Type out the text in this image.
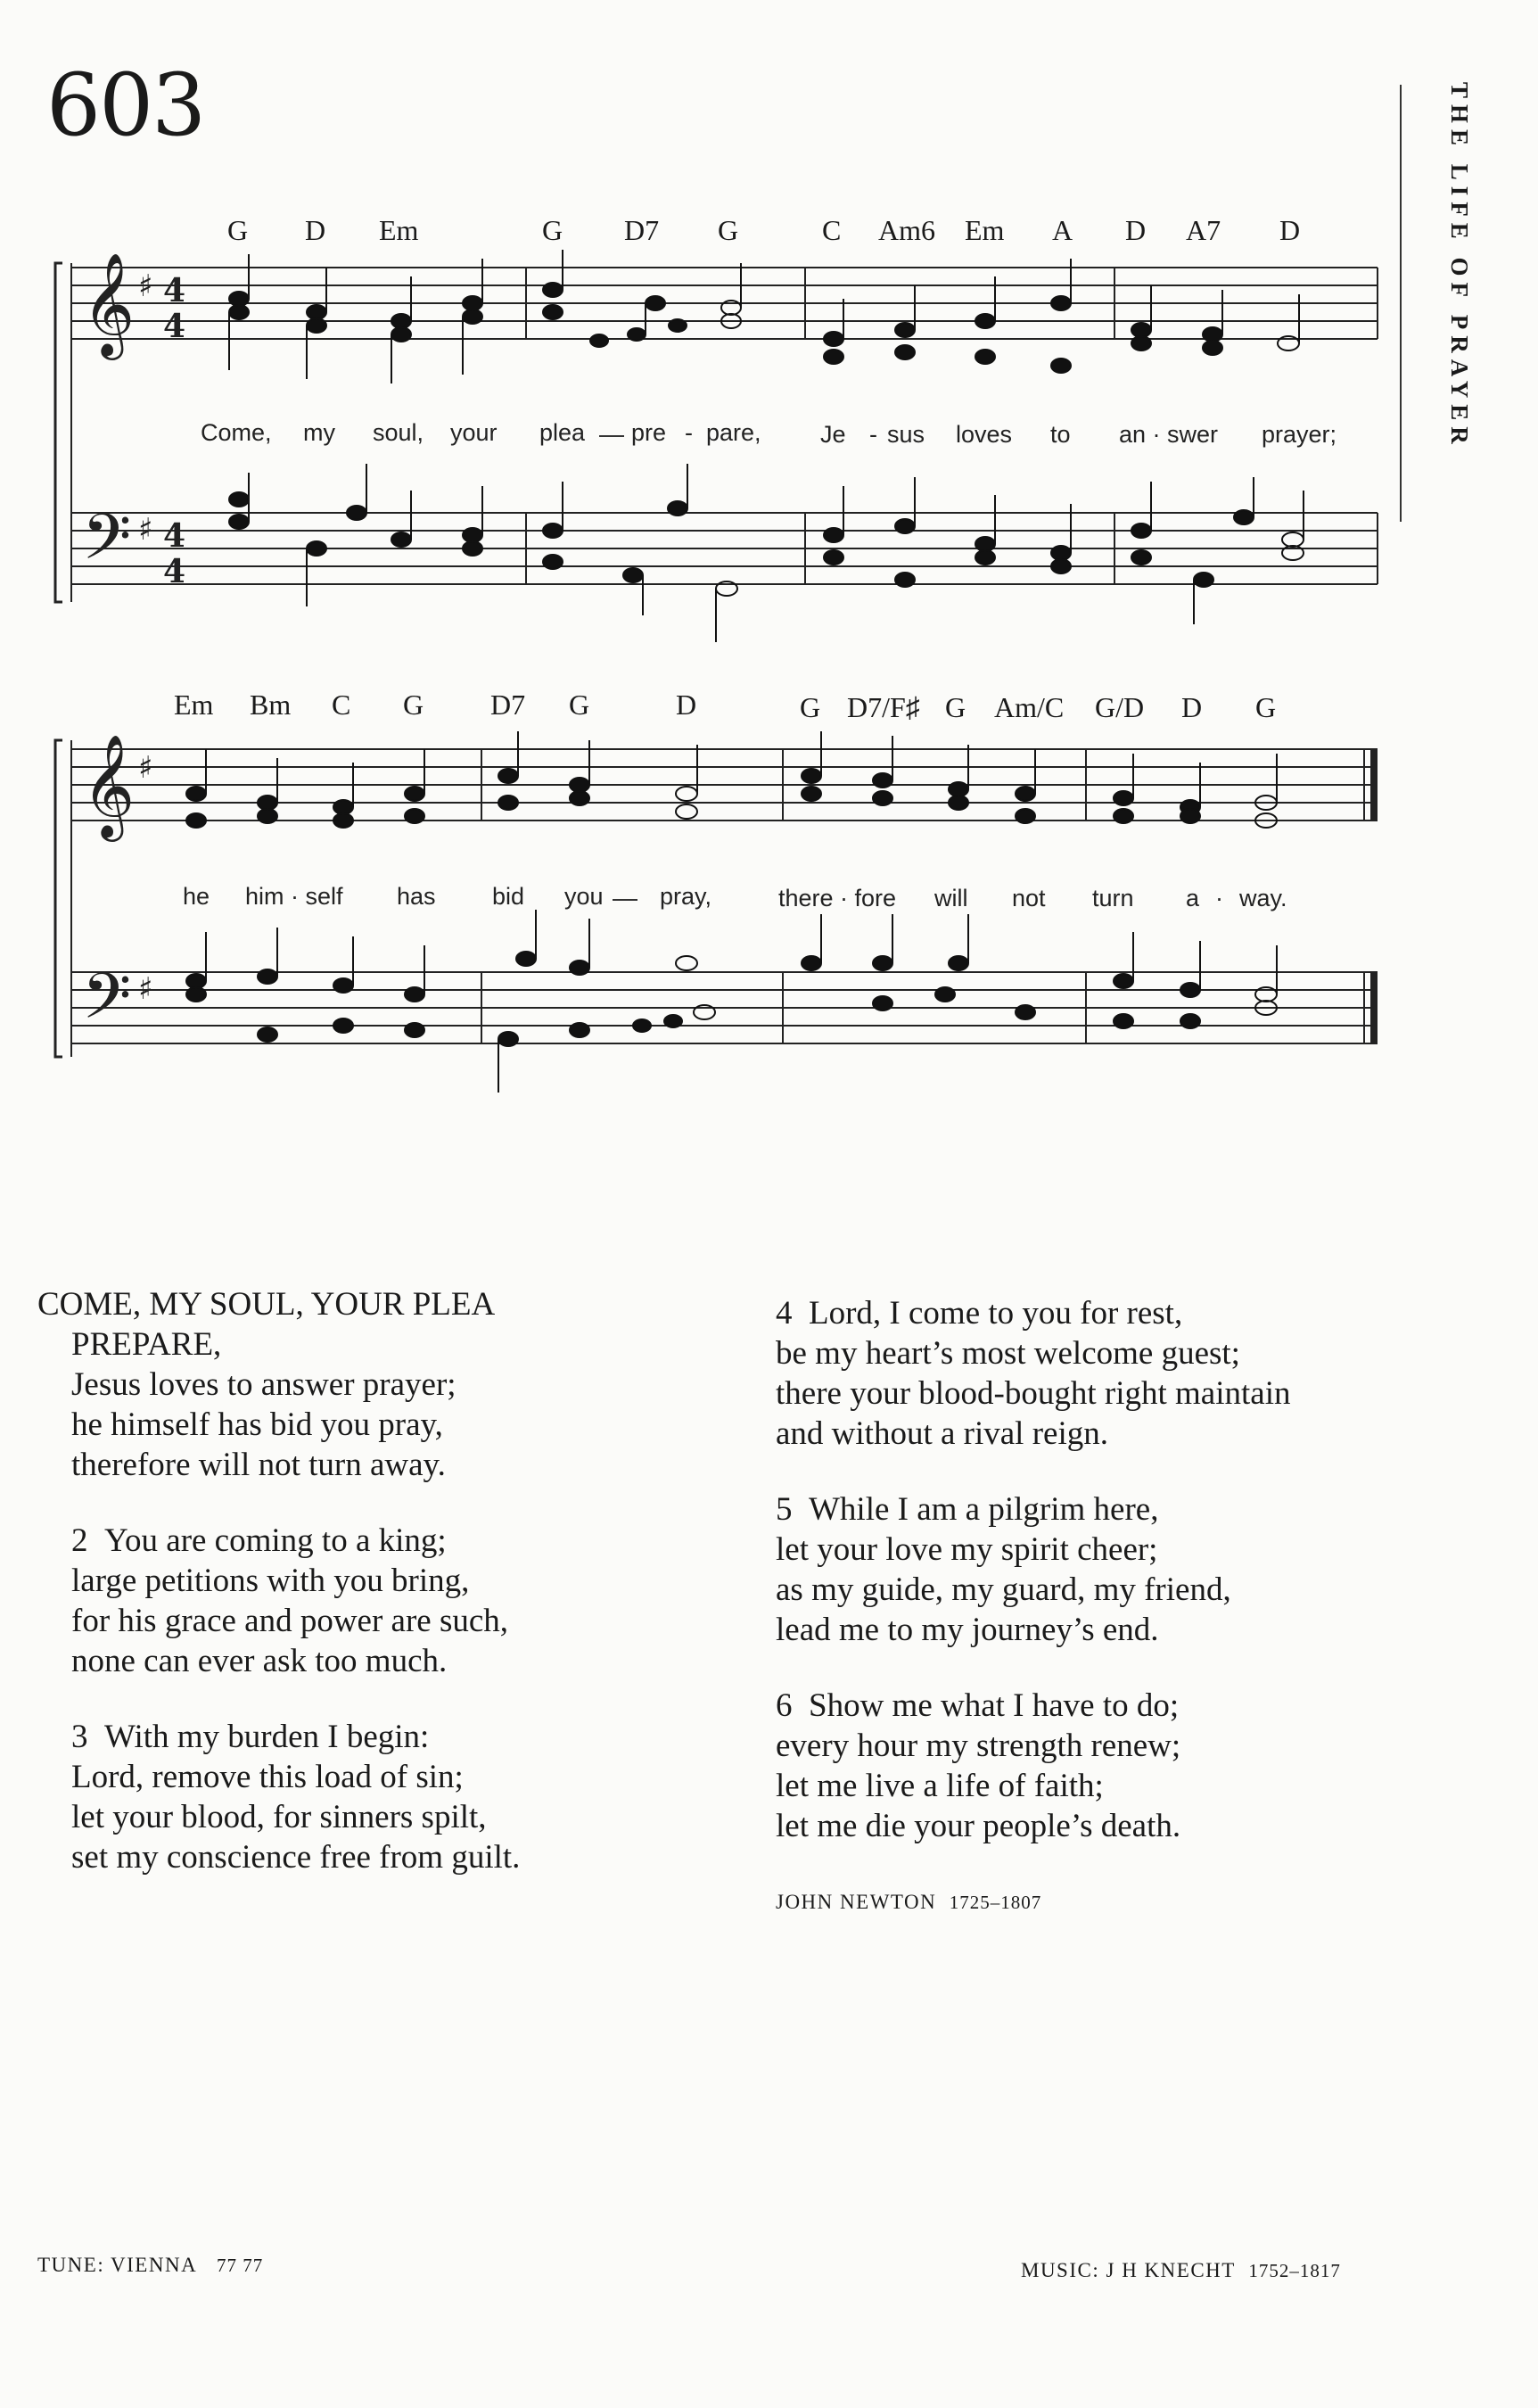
603	THE LIFE OF PRAYER
G D Em	G D7 G	C Am6 Em A D A7 D
𝄞
𝄢
♯
♯
4
4
4
4
Come, my soul, your plea pre - pare, Je - sus loves to an · swer prayer;
Em Bm C G D7 G	D	G D7/F♯ G Am/C G/D D G
𝄞
𝄢
♯
♯
he him · self has bid you pray,	there · fore will not turn a · way.
COME, MY SOUL, YOUR PLEA
PREPARE,
Jesus loves to answer prayer;
he himself has bid you pray,
therefore will not turn away.
2 You are coming to a king;
large petitions with you bring,
for his grace and power are such,
none can ever ask too much.
3 With my burden I begin:
Lord, remove this load of sin;
let your blood, for sinners spilt,
set my conscience free from guilt.
4 Lord, I come to you for rest,
be my heart’s most welcome guest;
there your blood-bought right maintain
and without a rival reign.
5 While I am a pilgrim here,
let your love my spirit cheer;
as my guide, my guard, my friend,
lead me to my journey’s end.
6 Show me what I have to do;
every hour my strength renew;
let me live a life of faith;
let me die your people’s death.
JOHN NEWTON 1725–1807
TUNE: VIENNA 77 77	MUSIC: J H KNECHT 1752–1817
